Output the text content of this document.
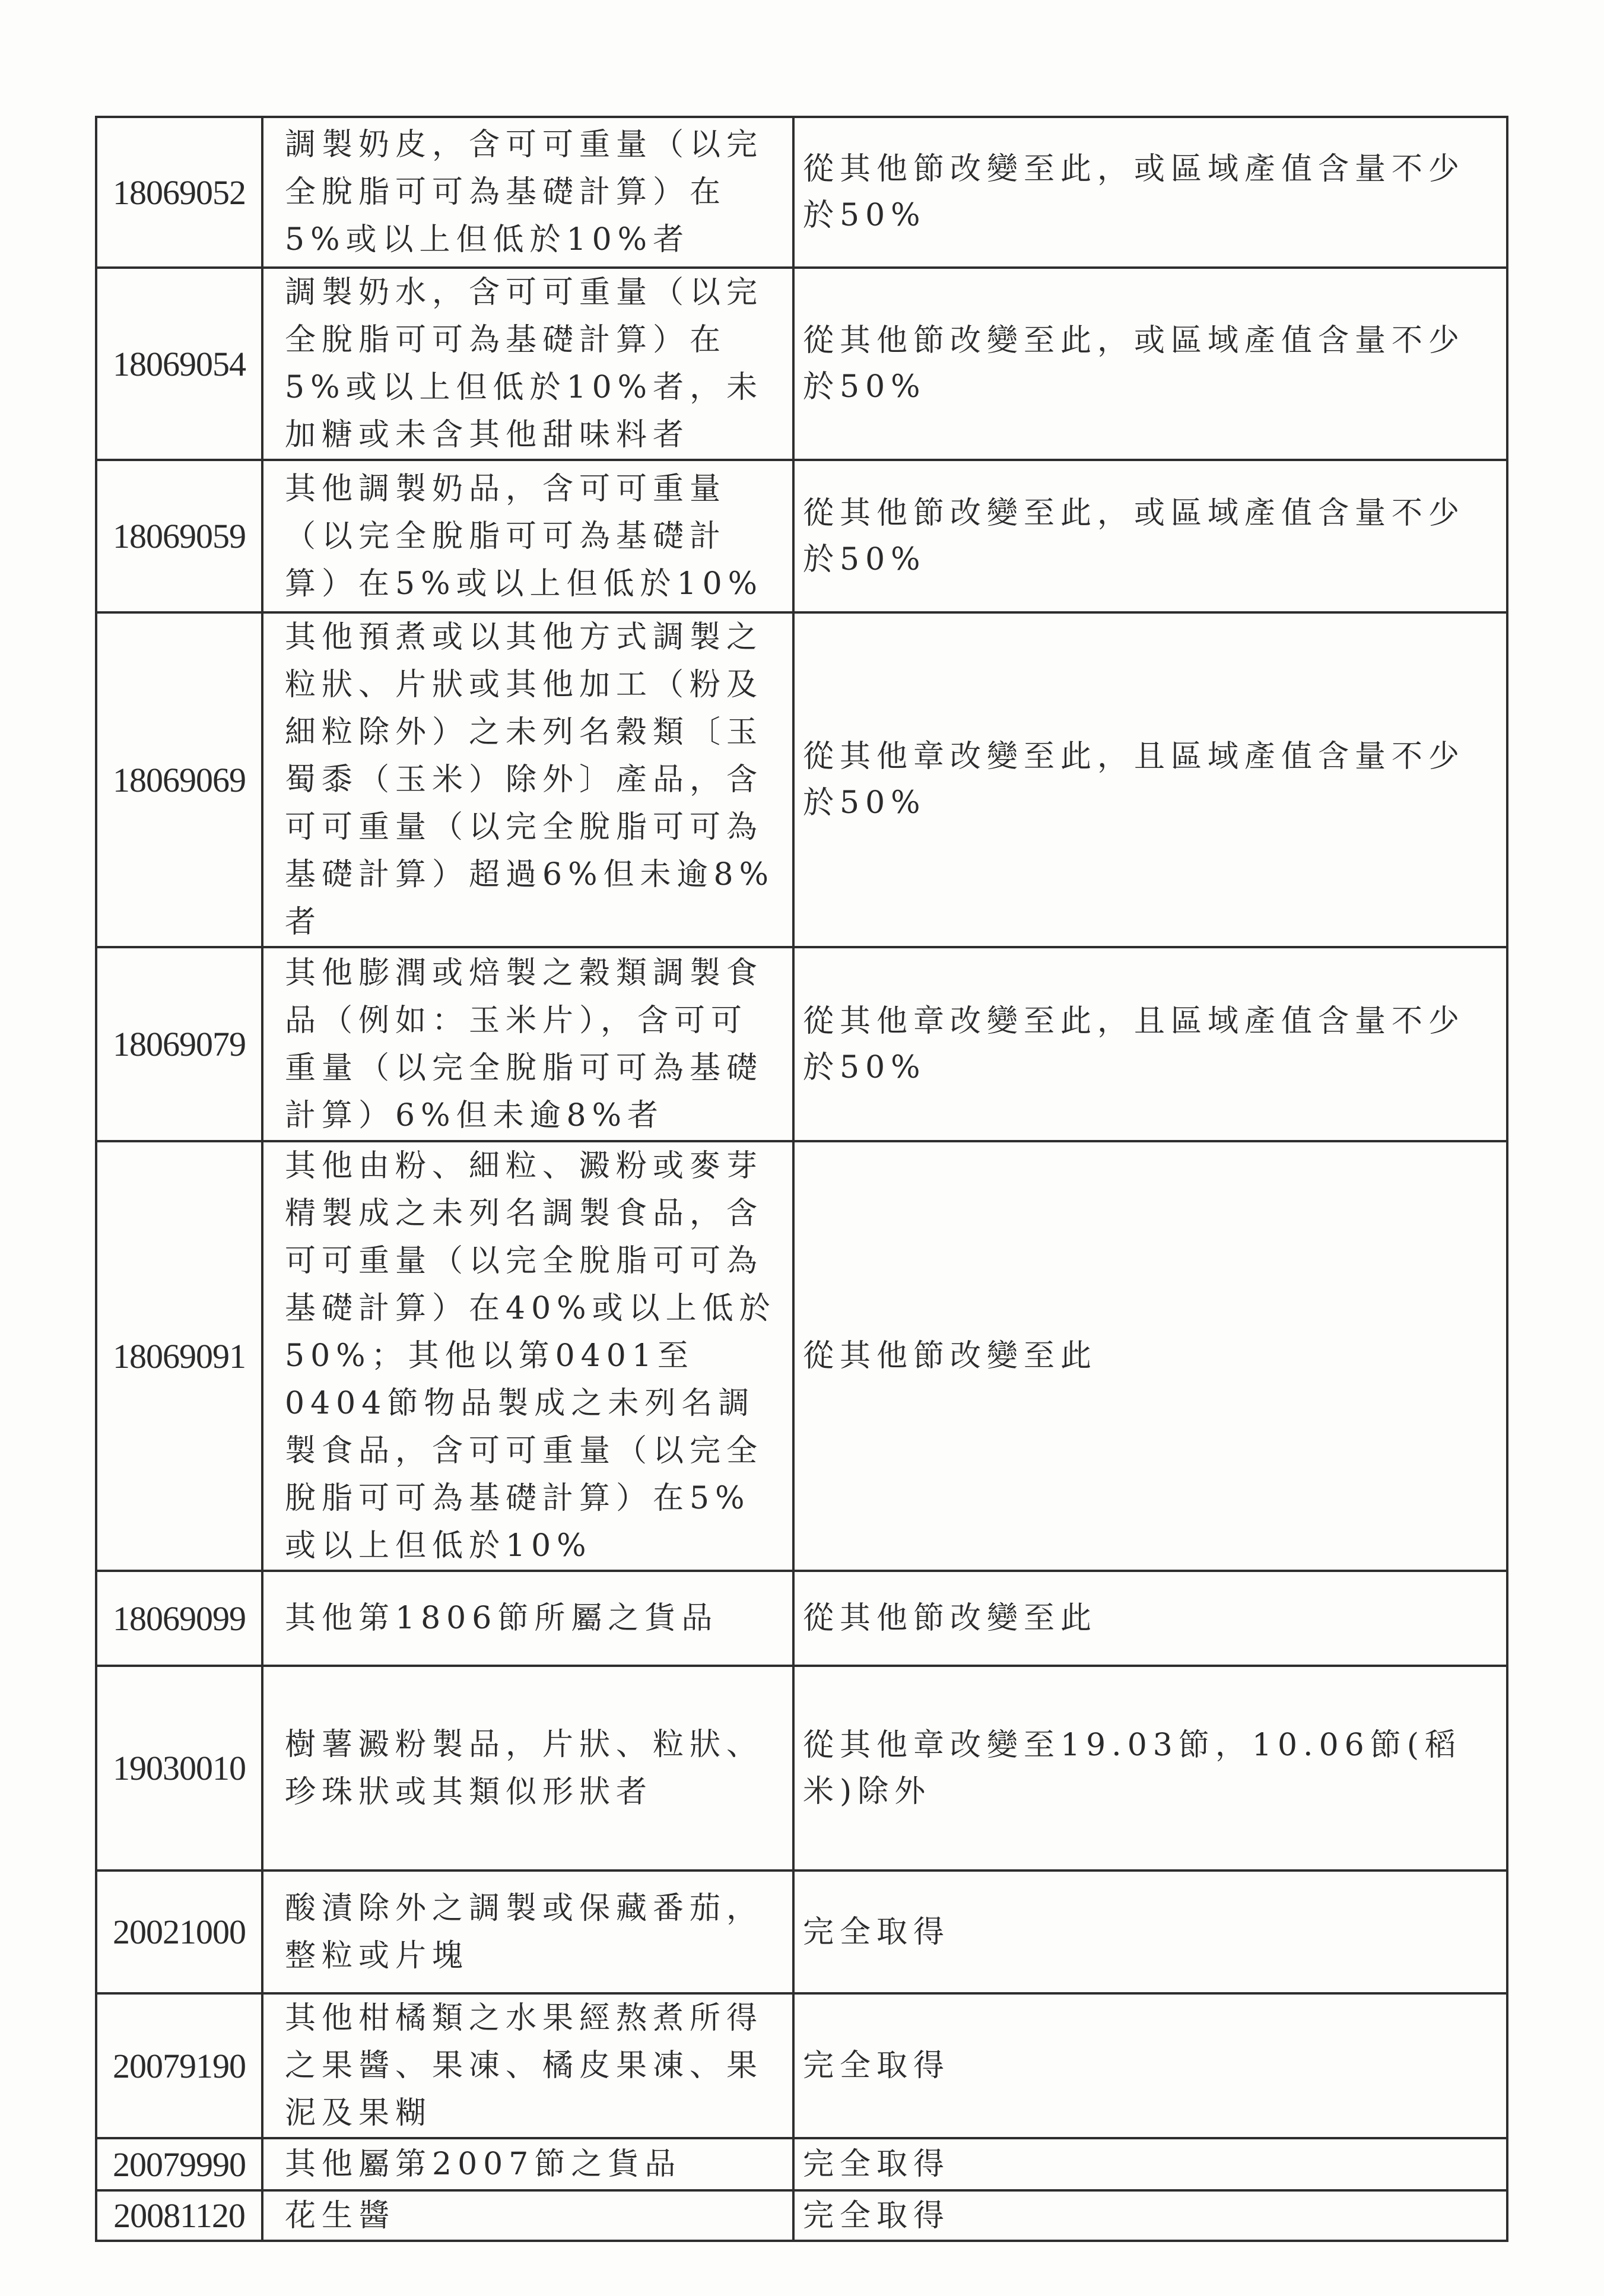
18069052	調製奶皮，含可可重量（以完全脫脂可可為基礎計算）在5%或以上但低於10%者	從其他節改變至此，或區域產值含量不少於50%
18069054	調製奶水，含可可重量（以完全脫脂可可為基礎計算）在5%或以上但低於10%者，未加糖或未含其他甜味料者	從其他節改變至此，或區域產值含量不少於50%
18069059	其他調製奶品，含可可重量（以完全脫脂可可為基礎計算）在5%或以上但低於10%	從其他節改變至此，或區域產值含量不少於50%
18069069	其他預煮或以其他方式調製之粒狀、片狀或其他加工（粉及細粒除外）之未列名穀類〔玉蜀黍（玉米）除外〕產品，含可可重量（以完全脫脂可可為基礎計算）超過6%但未逾8%者	從其他章改變至此，且區域產值含量不少於50%
18069079	其他膨潤或焙製之穀類調製食品（例如：玉米片），含可可重量（以完全脫脂可可為基礎計算）6%但未逾8%者	從其他章改變至此，且區域產值含量不少於50%
18069091	其他由粉、細粒、澱粉或麥芽精製成之未列名調製食品，含可可重量（以完全脫脂可可為基礎計算）在40%或以上低於50%；其他以第0401至0404節物品製成之未列名調製食品，含可可重量（以完全脫脂可可為基礎計算）在5%或以上但低於10%	從其他節改變至此
18069099	其他第1806節所屬之貨品	從其他節改變至此
19030010	樹薯澱粉製品，片狀、粒狀、珍珠狀或其類似形狀者	從其他章改變至19.03節，10.06節(稻米)除外
20021000	酸漬除外之調製或保藏番茄，整粒或片塊	完全取得
20079190	其他柑橘類之水果經熬煮所得之果醬、果凍、橘皮果凍、果泥及果糊	完全取得
20079990	其他屬第2007節之貨品	完全取得
20081120	花生醬	完全取得
